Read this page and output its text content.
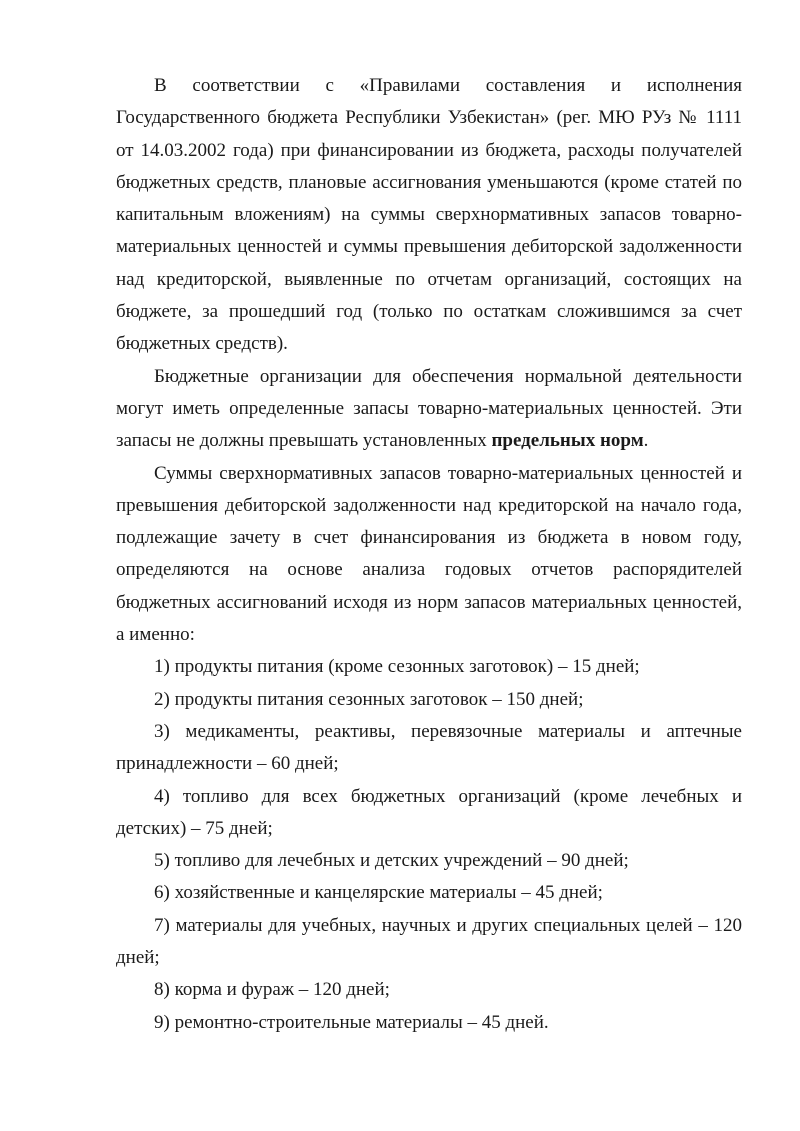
В соответствии с «Правилами составления и исполнения Государственного бюджета Республики Узбекистан» (рег. МЮ РУз № 1111 от 14.03.2002 года) при финансировании из бюджета, расходы получателей бюджетных средств, плановые ассигнования уменьшаются (кроме статей по капитальным вложениям) на суммы сверхнормативных запасов товарно-материальных ценностей и суммы превышения дебиторской задолженности над кредиторской, выявленные по отчетам организаций, состоящих на бюджете, за прошедший год (только по остаткам сложившимся за счет бюджетных средств).

Бюджетные организации для обеспечения нормальной деятельности могут иметь определенные запасы товарно-материальных ценностей. Эти запасы не должны превышать установленных предельных норм.

Суммы сверхнормативных запасов товарно-материальных ценностей и превышения дебиторской задолженности над кредиторской на начало года, подлежащие зачету в счет финансирования из бюджета в новом году, определяются на основе анализа годовых отчетов распорядителей бюджетных ассигнований исходя из норм запасов материальных ценностей, а именно:

1) продукты питания (кроме сезонных заготовок) – 15 дней;

2) продукты питания сезонных заготовок – 150 дней;

3) медикаменты, реактивы, перевязочные материалы и аптечные принадлежности – 60 дней;

4) топливо для всех бюджетных организаций (кроме лечебных и детских) – 75 дней;

5) топливо для лечебных и детских учреждений – 90 дней;

6) хозяйственные и канцелярские материалы – 45 дней;

7) материалы для учебных, научных и других специальных целей – 120 дней;

8) корма и фураж – 120 дней;

9) ремонтно-строительные материалы – 45 дней.
